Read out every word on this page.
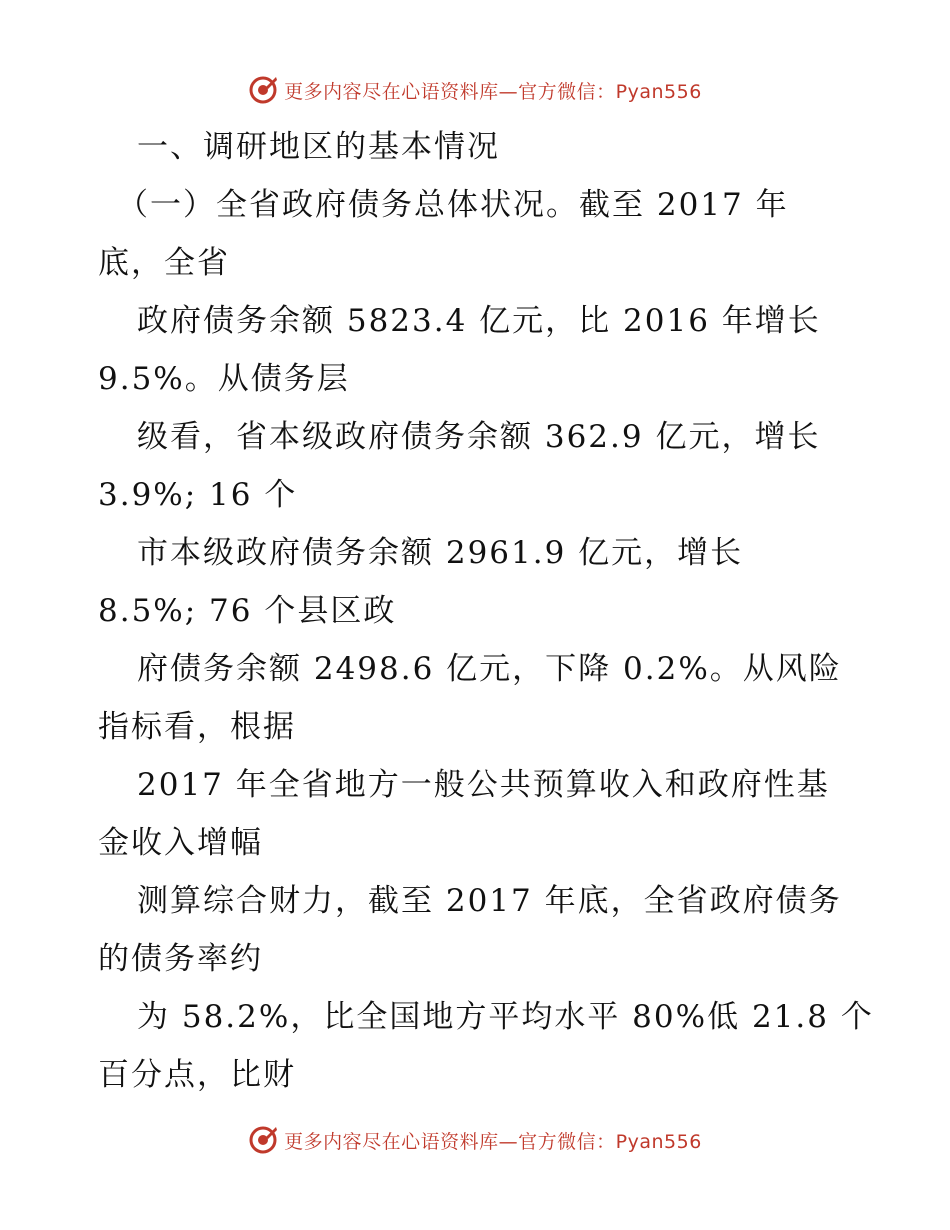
更多内容尽在心语资料库—官方微信：Pyan556
一、调研地区的基本情况
（一）全省政府债务总体状况。截至 2017 年
底，全省
政府债务余额 5823.4 亿元，比 2016 年增长
9.5%。从债务层
级看，省本级政府债务余额 362.9 亿元，增长
3.9%; 16 个
市本级政府债务余额 2961.9 亿元，增长
8.5%; 76 个县区政
府债务余额 2498.6 亿元，下降 0.2%。从风险
指标看，根据
2017 年全省地方一般公共预算收入和政府性基
金收入增幅
测算综合财力，截至 2017 年底，全省政府债务
的债务率约
为 58.2%，比全国地方平均水平 80%低 21.8 个
百分点，比财
更多内容尽在心语资料库—官方微信：Pyan556
